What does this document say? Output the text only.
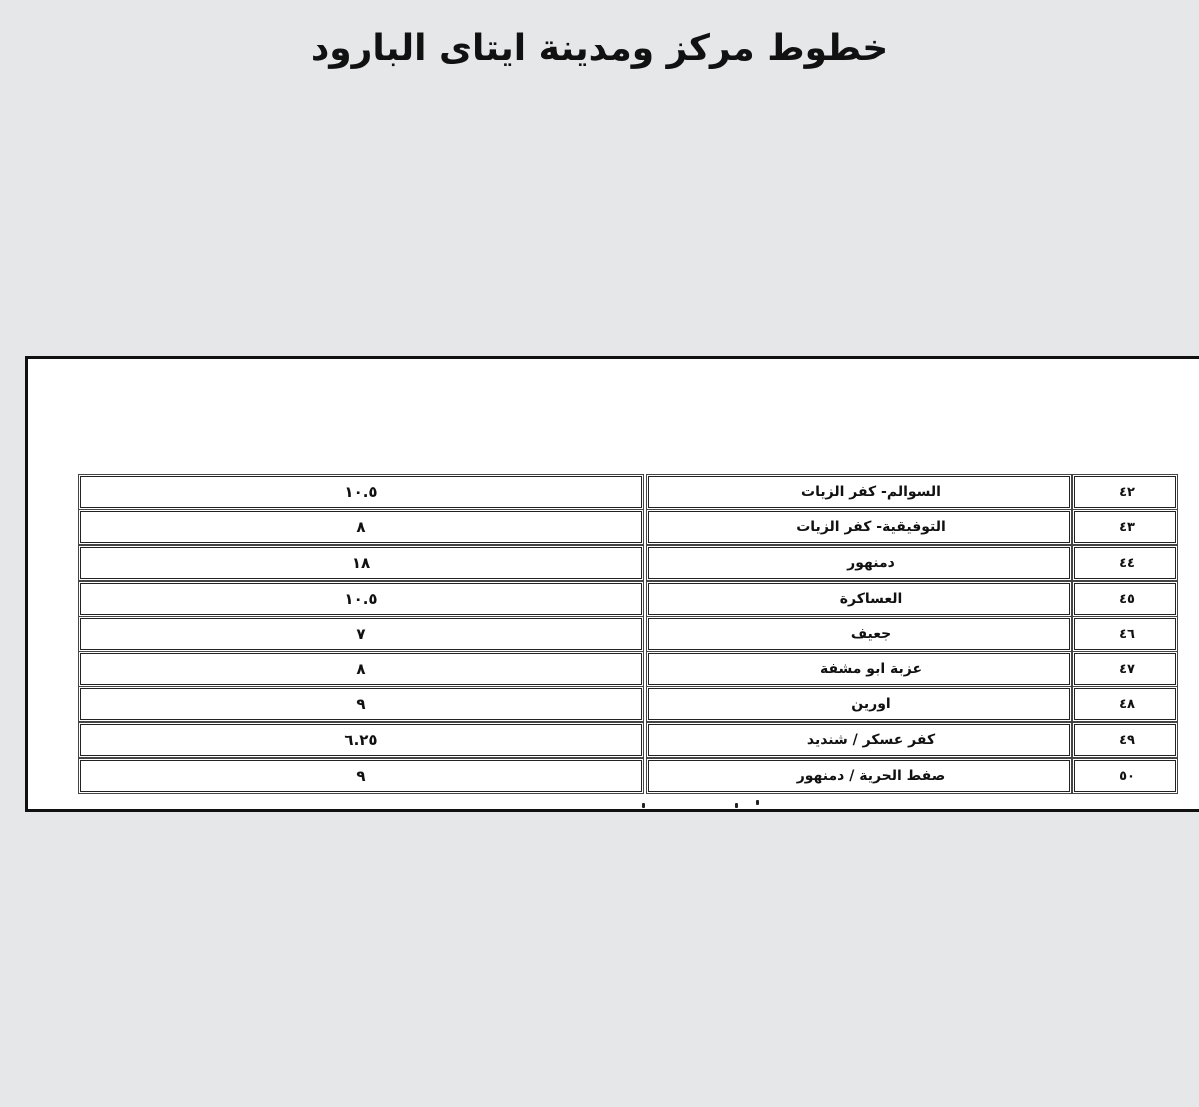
خطوط مركز ومدينة ايتاى البارود
١٠.٥	السوالم- كفر الزيات	٤٢
٨	التوفيقية- كفر الزيات	٤٣
١٨	دمنهور	٤٤
١٠.٥	العساكرة	٤٥
٧	جعيف	٤٦
٨	عزبة ابو مشفة	٤٧
٩	اورين	٤٨
٦.٢٥	كفر عسكر / شنديد	٤٩
٩	صفط الحرية / دمنهور	٥٠
